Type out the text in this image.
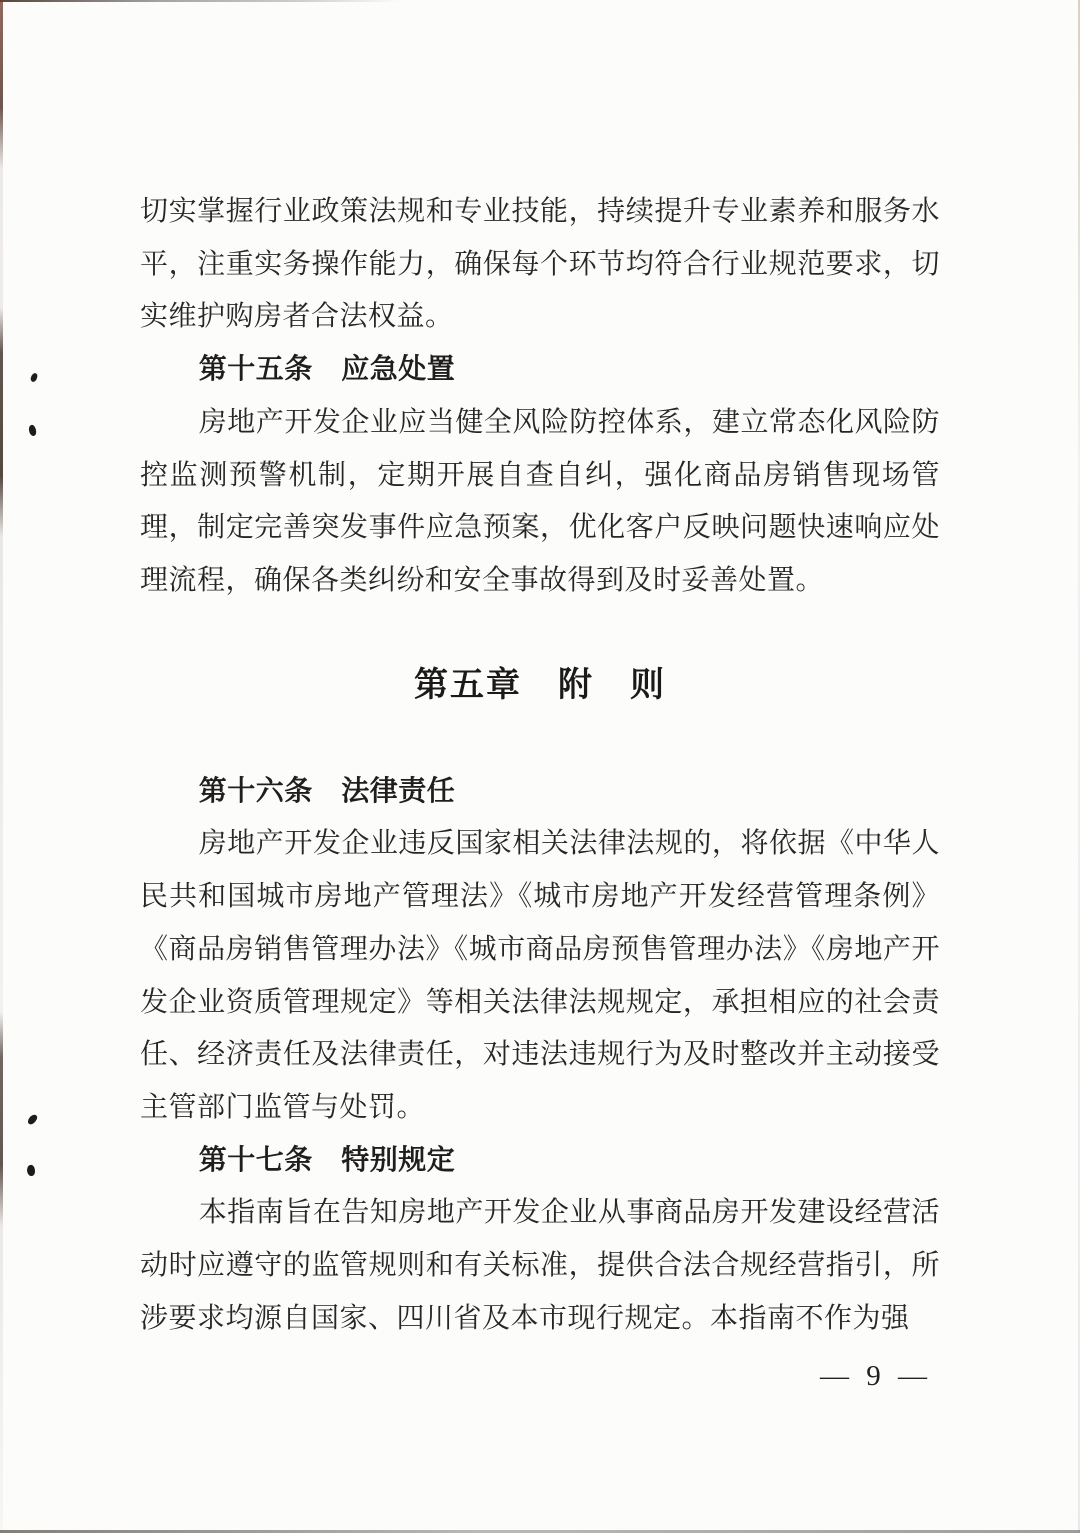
切实掌握行业政策法规和专业技能，持续提升专业素养和服务水平，注重实务操作能力，确保每个环节均符合行业规范要求，切实维护购房者合法权益。

第十五条　应急处置

房地产开发企业应当健全风险防控体系，建立常态化风险防控监测预警机制，定期开展自查自纠，强化商品房销售现场管理，制定完善突发事件应急预案，优化客户反映问题快速响应处理流程，确保各类纠纷和安全事故得到及时妥善处置。

第五章　附　则

第十六条　法律责任

房地产开发企业违反国家相关法律法规的，将依据《中华人民共和国城市房地产管理法》《城市房地产开发经营管理条例》《商品房销售管理办法》《城市商品房预售管理办法》《房地产开发企业资质管理规定》等相关法律法规规定，承担相应的社会责任、经济责任及法律责任，对违法违规行为及时整改并主动接受主管部门监管与处罚。

第十七条　特别规定

本指南旨在告知房地产开发企业从事商品房开发建设经营活动时应遵守的监管规则和有关标准，提供合法合规经营指引，所涉要求均源自国家、四川省及本市现行规定。本指南不作为强

— 9 —
